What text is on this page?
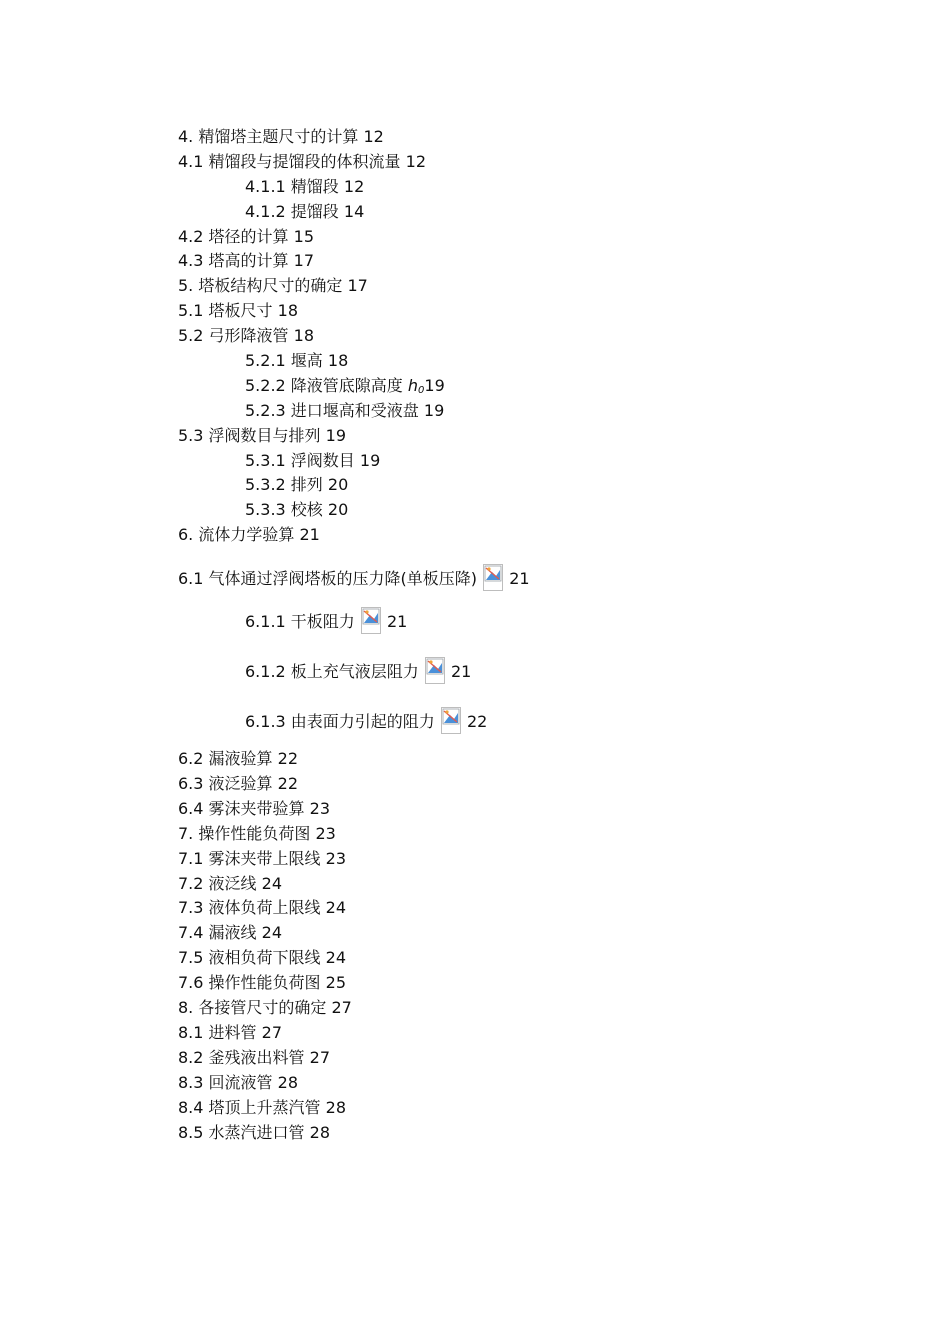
4. 精馏塔主题尺寸的计算 12
4.1 精馏段与提馏段的体积流量 12
4.1.1 精馏段 12
4.1.2 提馏段 14
4.2 塔径的计算 15
4.3 塔高的计算 17
5. 塔板结构尺寸的确定 17
5.1 塔板尺寸 18
5.2 弓形降液管 18
5.2.1 堰高 18
5.2.2 降液管底隙高度 $h_019$
5.2.3 进口堰高和受液盘 19
5.3 浮阀数目与排列 19
5.3.1 浮阀数目 19
5.3.2 排列 20
5.3.3 校核 20
6. 流体力学验算 21
6.1 气体通过浮阀塔板的压力降(单板压降) 21
6.1.1 干板阻力 21
6.1.2 板上充气液层阻力 21
6.1.3 由表面力引起的阻力 22
6.2 漏液验算 22
6.3 液泛验算 22
6.4 雾沫夹带验算 23
7. 操作性能负荷图 23
7.1 雾沫夹带上限线 23
7.2 液泛线 24
7.3 液体负荷上限线 24
7.4 漏液线 24
7.5 液相负荷下限线 24
7.6 操作性能负荷图 25
8. 各接管尺寸的确定 27
8.1 进料管 27
8.2 釜残液出料管 27
8.3 回流液管 28
8.4 塔顶上升蒸汽管 28
8.5 水蒸汽进口管 28
